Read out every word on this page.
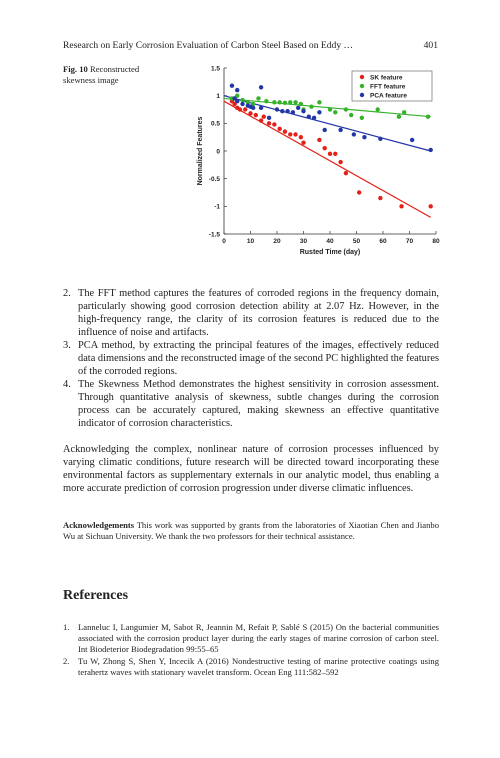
Research on Early Corrosion Evaluation of Carbon Steel Based on Eddy …	401
Fig. 10 Reconstructed skewness image
0	10	20	30	40	50	60	70	80
1.5
1
0.5
0
-0.5
-1
-1.5
Rusted Time (day)
Normalized Features
SK feature
FFT feature
PCA feature
2. The FFT method captures the features of corroded regions in the frequency domain, particularly showing good corrosion detection ability at 2.07 Hz. However, in the high-frequency range, the clarity of its corrosion features is reduced due to the influence of noise and artifacts.
3. PCA method, by extracting the principal features of the images, effectively reduced data dimensions and the reconstructed image of the second PC highlighted the features of the corroded regions.
4. The Skewness Method demonstrates the highest sensitivity in corrosion assessment. Through quantitative analysis of skewness, subtle changes during the corrosion process can be accurately captured, making skewness an effective quantitative indicator of corrosion characteristics.

Acknowledging the complex, nonlinear nature of corrosion processes influenced by varying climatic conditions, future research will be directed toward incorporating these environmental factors as supplementary externals in our analytic model, thus enabling a more accurate prediction of corrosion progression under diverse climatic influences.

Acknowledgements This work was supported by grants from the laboratories of Xiaotian Chen and Jianbo Wu at Sichuan University. We thank the two professors for their technical assistance.

References
1. Lanneluc I, Langumier M, Sabot R, Jeannin M, Refait P, Sablé S (2015) On the bacterial communities associated with the corrosion product layer during the early stages of marine corrosion of carbon steel. Int Biodeterior Biodegradation 99:55–65
2. Tu W, Zhong S, Shen Y, Incecik A (2016) Nondestructive testing of marine protective coatings using terahertz waves with stationary wavelet transform. Ocean Eng 111:582–592
